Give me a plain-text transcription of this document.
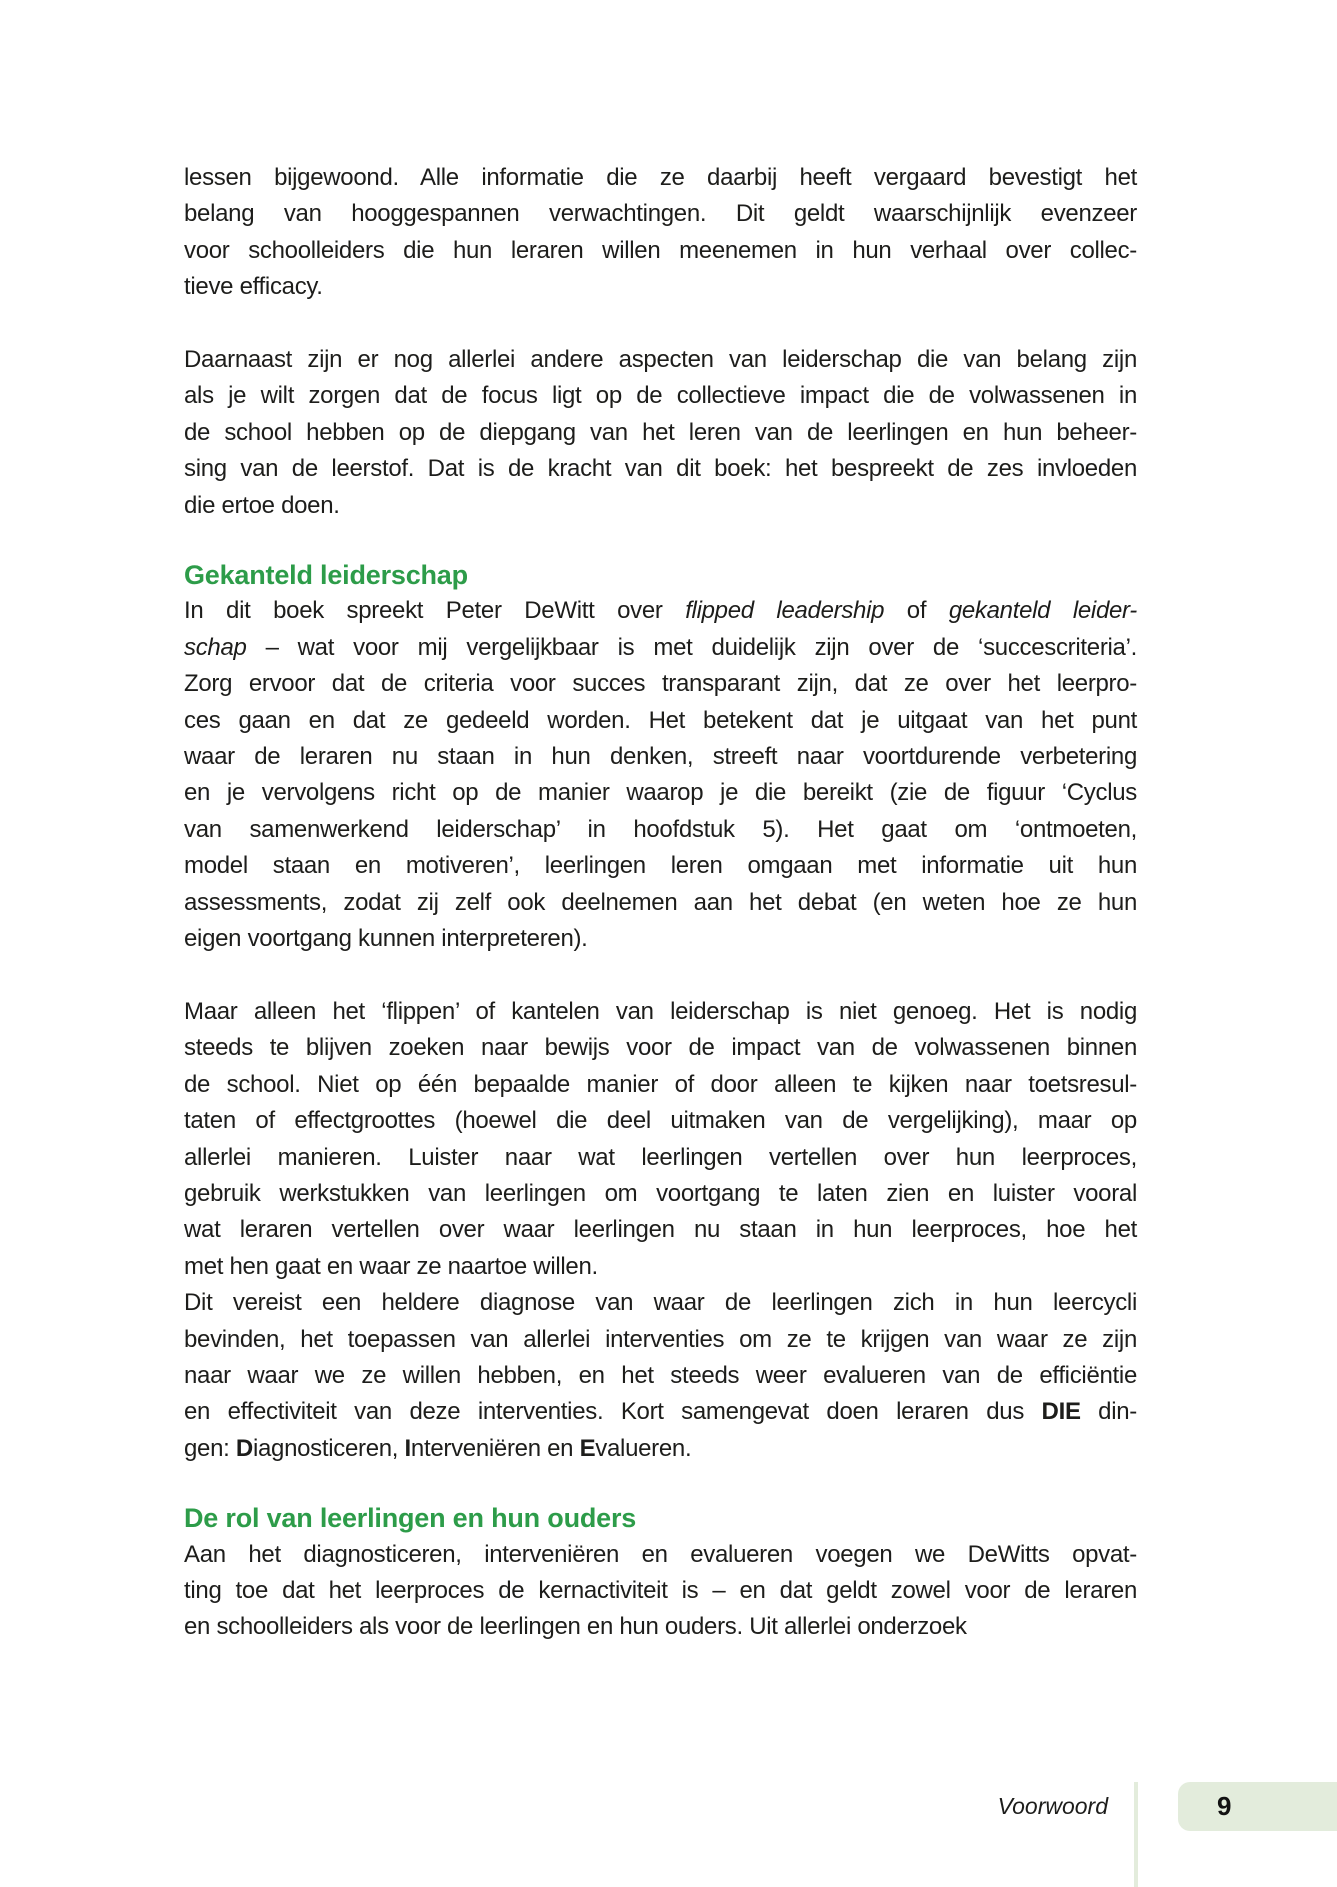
lessen bijgewoond. Alle informatie die ze daarbij heeft vergaard bevestigt het
belang van hooggespannen verwachtingen. Dit geldt waarschijnlijk evenzeer
voor schoolleiders die hun leraren willen meenemen in hun verhaal over collec-
tieve efficacy.
Daarnaast zijn er nog allerlei andere aspecten van leiderschap die van belang zijn
als je wilt zorgen dat de focus ligt op de collectieve impact die de volwassenen in
de school hebben op de diepgang van het leren van de leerlingen en hun beheer-
sing van de leerstof. Dat is de kracht van dit boek: het bespreekt de zes invloeden
die ertoe doen.
Gekanteld leiderschap
In dit boek spreekt Peter DeWitt over flipped leadership of gekanteld leider-
schap – wat voor mij vergelijkbaar is met duidelijk zijn over de ‘succescriteria’.
Zorg ervoor dat de criteria voor succes transparant zijn, dat ze over het leerpro-
ces gaan en dat ze gedeeld worden. Het betekent dat je uitgaat van het punt
waar de leraren nu staan in hun denken, streeft naar voortdurende verbetering
en je vervolgens richt op de manier waarop je die bereikt (zie de figuur ‘Cyclus
van samenwerkend leiderschap’ in hoofdstuk 5). Het gaat om ‘ontmoeten,
model staan en motiveren’, leerlingen leren omgaan met informatie uit hun
assessments, zodat zij zelf ook deelnemen aan het debat (en weten hoe ze hun
eigen voortgang kunnen interpreteren).
Maar alleen het ‘flippen’ of kantelen van leiderschap is niet genoeg. Het is nodig
steeds te blijven zoeken naar bewijs voor de impact van de volwassenen binnen
de school. Niet op één bepaalde manier of door alleen te kijken naar toetsresul-
taten of effectgroottes (hoewel die deel uitmaken van de vergelijking), maar op
allerlei manieren. Luister naar wat leerlingen vertellen over hun leerproces,
gebruik werkstukken van leerlingen om voortgang te laten zien en luister vooral
wat leraren vertellen over waar leerlingen nu staan in hun leerproces, hoe het
met hen gaat en waar ze naartoe willen.
Dit vereist een heldere diagnose van waar de leerlingen zich in hun leercycli
bevinden, het toepassen van allerlei interventies om ze te krijgen van waar ze zijn
naar waar we ze willen hebben, en het steeds weer evalueren van de efficiëntie
en effectiviteit van deze interventies. Kort samengevat doen leraren dus DIE din-
gen: Diagnosticeren, Interveniëren en Evalueren.
De rol van leerlingen en hun ouders
Aan het diagnosticeren, interveniëren en evalueren voegen we DeWitts opvat-
ting toe dat het leerproces de kernactiviteit is – en dat geldt zowel voor de leraren
en schoolleiders als voor de leerlingen en hun ouders. Uit allerlei onderzoek
Voorwoord	9
